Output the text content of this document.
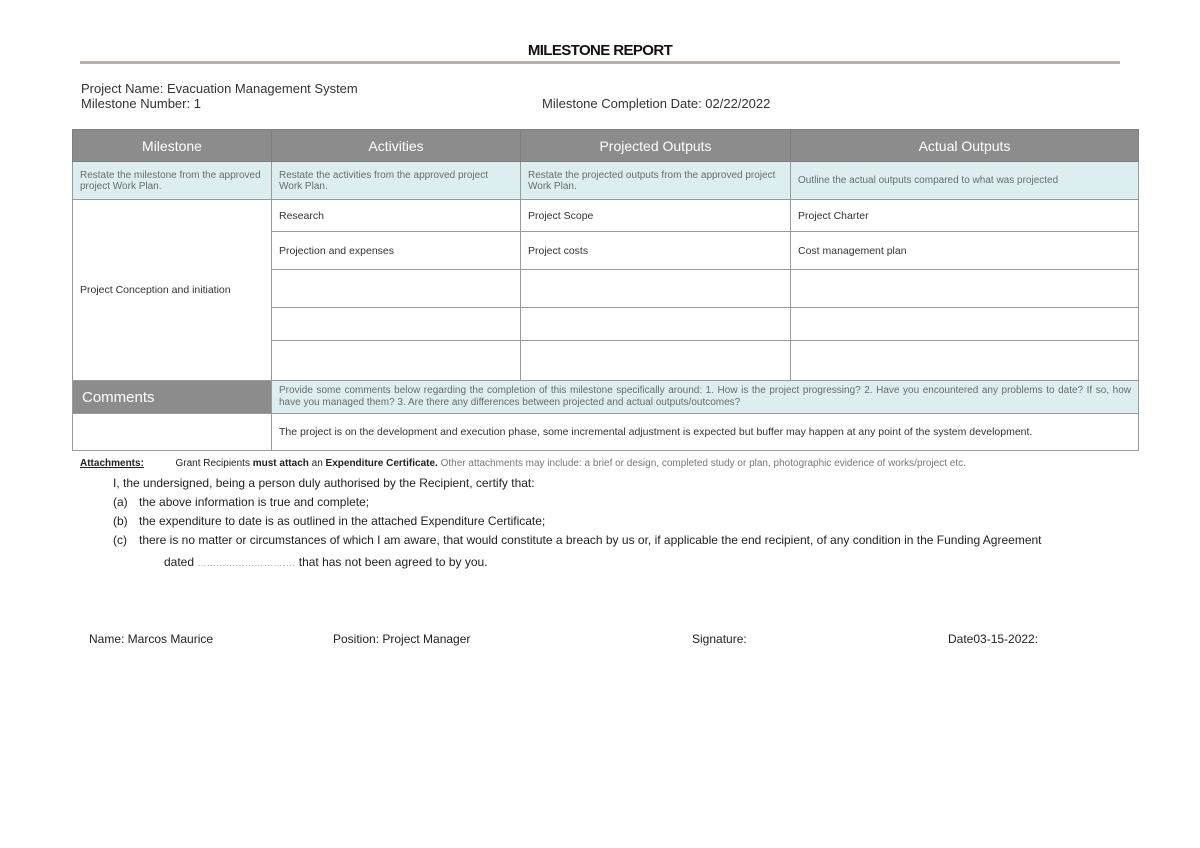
MILESTONE REPORT
Project Name: Evacuation Management System
Milestone Number: 1	Milestone Completion Date: 02/22/2022
Milestone	Activities	Projected Outputs	Actual Outputs
Restate the milestone from the approved project Work Plan.	Restate the activities from the approved project Work Plan.	Restate the projected outputs from the approved project Work Plan.	Outline the actual outputs compared to what was projected
Project Conception and initiation	Research	Project Scope	Project Charter
	Projection and expenses	Project costs	Cost management plan

Comments	Provide some comments below regarding the completion of this milestone specifically around: 1. How is the project progressing? 2. Have you encountered any problems to date? If so, how have you managed them? 3. Are there any differences between projected and actual outputs/outcomes?		
	The project is on the development and execution phase, some incremental adjustment is expected but buffer may happen at any point of the system development.		
Attachments:	Grant Recipients must attach an Expenditure Certificate. Other attachments may include: a brief or design, completed study or plan, photographic evidence of works/project etc.
I, the undersigned, being a person duly authorised by the Recipient, certify that:
(a) the above information is true and complete;
(b) the expenditure to date is as outlined in the attached Expenditure Certificate;
(c) there is no matter or circumstances of which I am aware, that would constitute a breach by us or, if applicable the end recipient, of any condition in the Funding Agreement
dated …………………………. that has not been agreed to by you.
Name: Marcos Maurice	Position: Project Manager	Signature:	Date03-15-2022:
